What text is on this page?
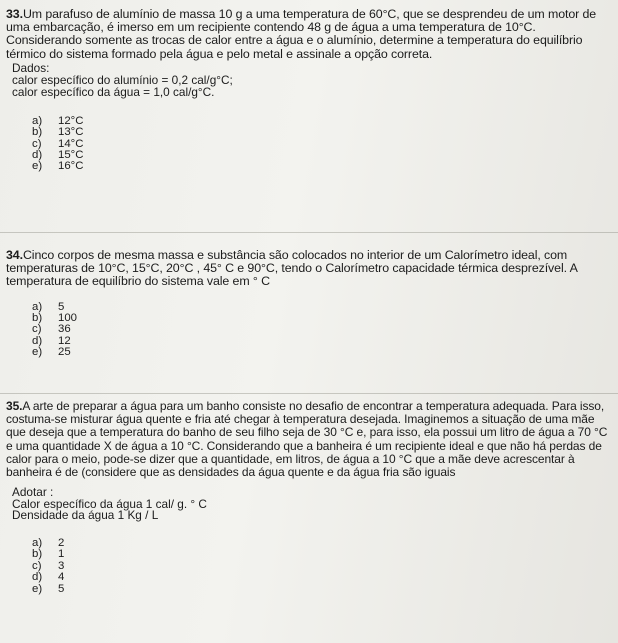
33.Um parafuso de alumínio de massa 10 g a uma temperatura de 60°C, que se desprendeu de um motor de uma embarcação, é imerso em um recipiente contendo 48 g de água a uma temperatura de 10°C. Considerando somente as trocas de calor entre a água e o alumínio, determine a temperatura do equilíbrio térmico do sistema formado pela água e pelo metal e assinale a opção correta.
Dados:
calor específico do alumínio = 0,2 cal/g°C;
calor específico da água = 1,0 cal/g°C.
a)	12°C
b)	13°C
c)	14°C
d)	15°C
e)	16°C
34.Cinco corpos de mesma massa e substância são colocados no interior de um Calorímetro ideal, com temperaturas de 10°C, 15°C, 20°C , 45° C e 90°C, tendo o Calorímetro capacidade térmica desprezível. A temperatura de equilíbrio do sistema vale em ° C
a)	5
b)	100
c)	36
d)	12
e)	25
35.A arte de preparar a água para um banho consiste no desafio de encontrar a temperatura adequada. Para isso, costuma-se misturar água quente e fria até chegar à temperatura desejada. Imaginemos a situação de uma mãe que deseja que a temperatura do banho de seu filho seja de 30 °C e, para isso, ela possui um litro de água a 70 °C e uma quantidade X de água a 10 °C. Considerando que a banheira é um recipiente ideal e que não há perdas de calor para o meio, pode-se dizer que a quantidade, em litros, de água a 10 °C que a mãe deve acrescentar à banheira é de (considere que as densidades da água quente e da água fria são iguais
Adotar :
Calor específico da água 1 cal/ g. ° C
Densidade da água 1 Kg / L
a)	2
b)	1
c)	3
d)	4
e)	5
